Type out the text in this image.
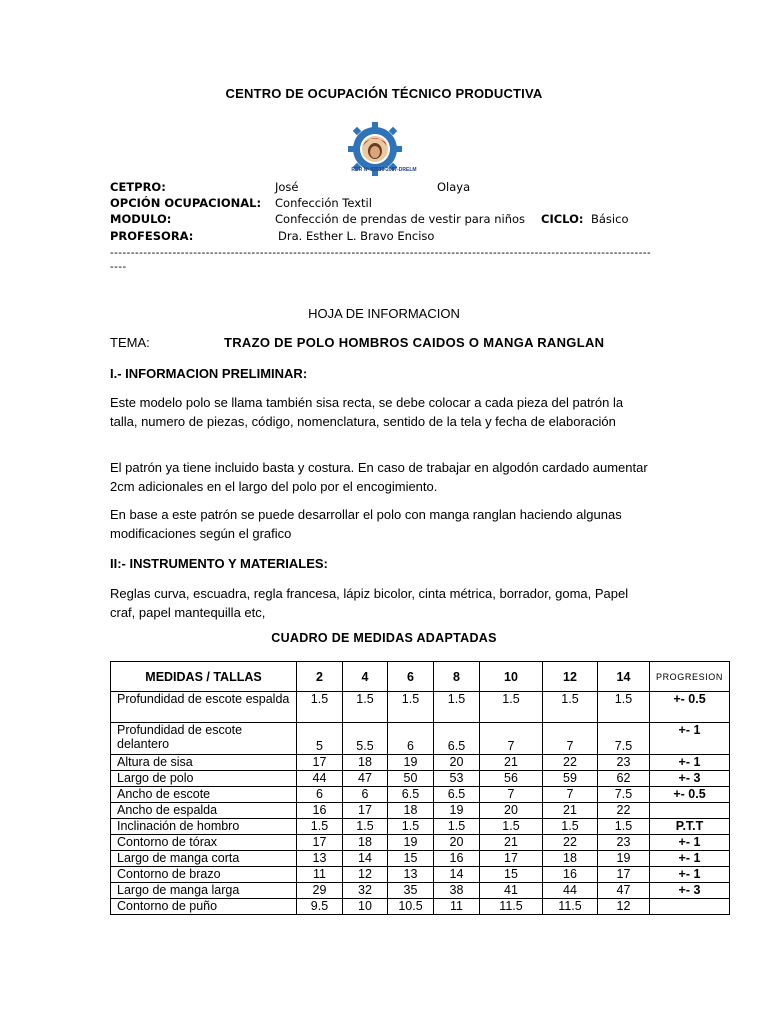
CENTRO DE OCUPACIÓN TÉCNICO PRODUCTIVA
RDR Nº 02530-2007-DRELM
CETPRO:	José	Olaya
OPCIÓN OCUPACIONAL: Confección Textil
MODULO:	Confección de prendas de vestir para niños CICLO: Básico
PROFESORA:	Dra. Esther L. Bravo Enciso
--------------------------------------------------------------------------------------------------------------------------------------
HOJA DE INFORMACION
TEMA:	TRAZO DE POLO HOMBROS CAIDOS O MANGA RANGLAN
I.- INFORMACION PRELIMINAR:
Este modelo polo se llama también sisa recta, se debe colocar a cada pieza del patrón la talla, numero de piezas, código, nomenclatura, sentido de la tela y fecha de elaboración
El patrón ya tiene incluido basta y costura. En caso de trabajar en algodón cardado aumentar 2cm adicionales en el largo del polo por el encogimiento.
En base a este patrón se puede desarrollar el polo con manga ranglan haciendo algunas modificaciones según el grafico
II:- INSTRUMENTO Y MATERIALES:
Reglas curva, escuadra, regla francesa, lápiz bicolor, cinta métrica, borrador, goma, Papel craf, papel mantequilla etc,
CUADRO DE MEDIDAS ADAPTADAS
MEDIDAS / TALLAS	2	4	6	8	10	12	14	PROGRESION
Profundidad de escote espalda	1.5	1.5	1.5	1.5	1.5	1.5	1.5	+- 0.5
Profundidad de escote delantero	5	5.5	6	6.5	7	7	7.5	+- 1
Altura de sisa	17	18	19	20	21	22	23	+- 1
Largo de polo	44	47	50	53	56	59	62	+- 3
Ancho de escote	6	6	6.5	6.5	7	7	7.5	+- 0.5
Ancho de espalda	16	17	18	19	20	21	22	
Inclinación de hombro	1.5	1.5	1.5	1.5	1.5	1.5	1.5	P.T.T
Contorno de tórax	17	18	19	20	21	22	23	+- 1
Largo de manga corta	13	14	15	16	17	18	19	+- 1
Contorno de brazo	11	12	13	14	15	16	17	+- 1
Largo de manga larga	29	32	35	38	41	44	47	+- 3
Contorno de puño	9.5	10	10.5	11	11.5	11.5	12	
